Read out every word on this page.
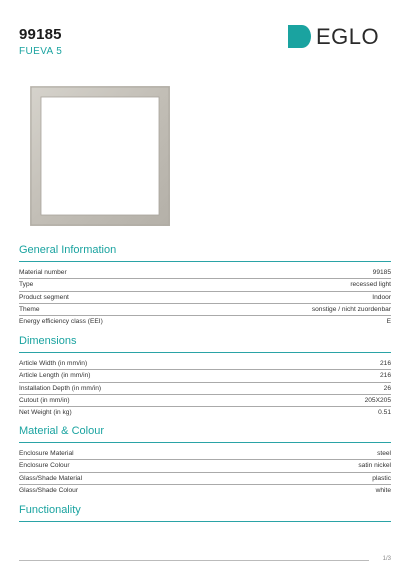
99185
FUEVA 5
EGLO
General Information
Material number	99185
Type	recessed light
Product segment	Indoor
Theme	sonstige / nicht zuordenbar
Energy efficiency class (EEI)	E
Dimensions
Article Width (in mm/in)	216
Article Length (in mm/in)	216
Installation Depth (in mm/in)	26
Cutout (in mm/in)	205X205
Net Weight (in kg)	0.51
Material & Colour
Enclosure Material	steel
Enclosure Colour	satin nickel
Glass/Shade Material	plastic
Glass/Shade Colour	white
Functionality
1/3
